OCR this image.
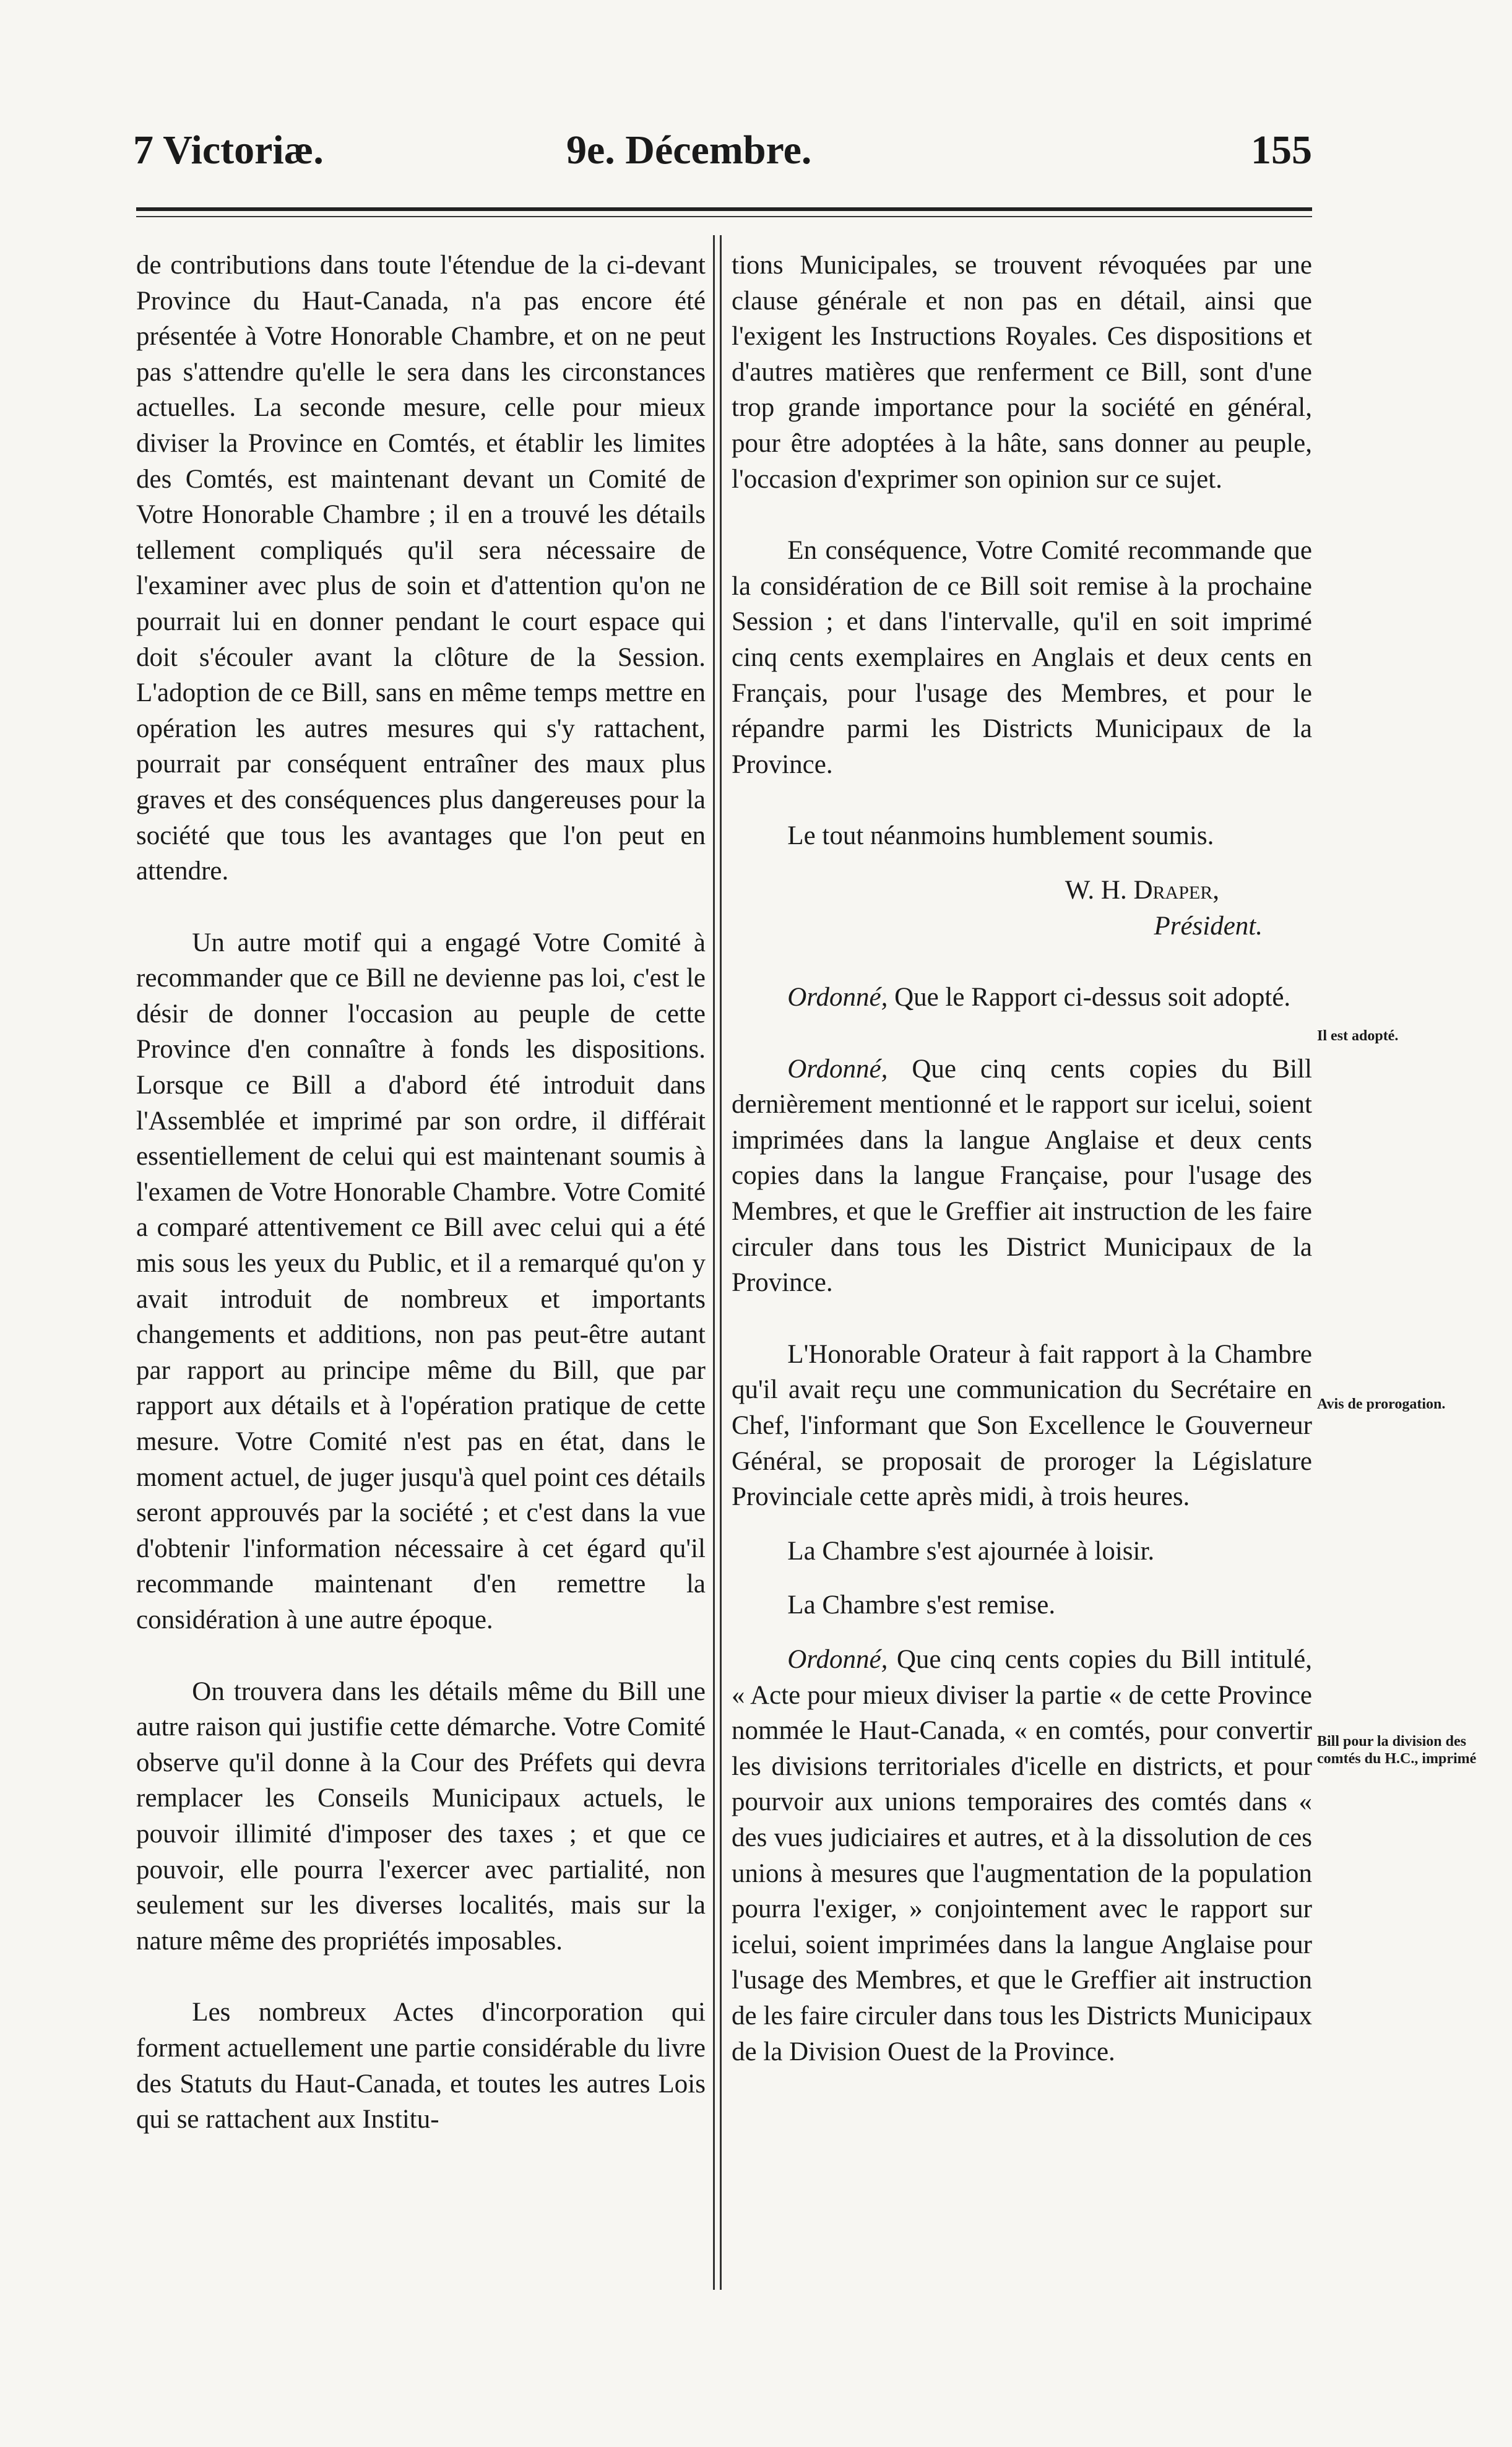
7 Victoriæ.	9e. Décembre.	155

de contributions dans toute l'étendue de la ci-devant Province du Haut-Canada, n'a pas encore été présentée à Votre Honorable Chambre, et on ne peut pas s'attendre qu'elle le sera dans les circonstances actuelles. La seconde mesure, celle pour mieux diviser la Province en Comtés, et établir les limites des Comtés, est maintenant devant un Comité de Votre Honorable Chambre ; il en a trouvé les détails tellement compliqués qu'il sera nécessaire de l'examiner avec plus de soin et d'attention qu'on ne pourrait lui en donner pendant le court espace qui doit s'écouler avant la clôture de la Session. L'adoption de ce Bill, sans en même temps mettre en opération les autres mesures qui s'y rattachent, pourrait par conséquent entraîner des maux plus graves et des conséquences plus dangereuses pour la société que tous les avantages que l'on peut en attendre.

Un autre motif qui a engagé Votre Comité à recommander que ce Bill ne devienne pas loi, c'est le désir de donner l'occasion au peuple de cette Province d'en connaître à fonds les dispositions. Lorsque ce Bill a d'abord été introduit dans l'Assemblée et imprimé par son ordre, il différait essentiellement de celui qui est maintenant soumis à l'examen de Votre Honorable Chambre. Votre Comité a comparé attentivement ce Bill avec celui qui a été mis sous les yeux du Public, et il a remarqué qu'on y avait introduit de nombreux et importants changements et additions, non pas peut-être autant par rapport au principe même du Bill, que par rapport aux détails et à l'opération pratique de cette mesure. Votre Comité n'est pas en état, dans le moment actuel, de juger jusqu'à quel point ces détails seront approuvés par la société ; et c'est dans la vue d'obtenir l'information nécessaire à cet égard qu'il recommande maintenant d'en remettre la considération à une autre époque.

On trouvera dans les détails même du Bill une autre raison qui justifie cette démarche. Votre Comité observe qu'il donne à la Cour des Préfets qui devra remplacer les Conseils Municipaux actuels, le pouvoir illimité d'imposer des taxes ; et que ce pouvoir, elle pourra l'exercer avec partialité, non seulement sur les diverses localités, mais sur la nature même des propriétés imposables.

Les nombreux Actes d'incorporation qui forment actuellement une partie considérable du livre des Statuts du Haut-Canada, et toutes les autres Lois qui se rattachent aux Institu-

tions Municipales, se trouvent révoquées par une clause générale et non pas en détail, ainsi que l'exigent les Instructions Royales. Ces dispositions et d'autres matières que renferment ce Bill, sont d'une trop grande importance pour la société en général, pour être adoptées à la hâte, sans donner au peuple, l'occasion d'exprimer son opinion sur ce sujet.

En conséquence, Votre Comité recommande que la considération de ce Bill soit remise à la prochaine Session ; et dans l'intervalle, qu'il en soit imprimé cinq cents exemplaires en Anglais et deux cents en Français, pour l'usage des Membres, et pour le répandre parmi les Districts Municipaux de la Province.

Le tout néanmoins humblement soumis.

W. H. Draper,

Président.

Ordonné, Que le Rapport ci-dessus soit adopté.

Ordonné, Que cinq cents copies du Bill dernièrement mentionné et le rapport sur icelui, soient imprimées dans la langue Anglaise et deux cents copies dans la langue Française, pour l'usage des Membres, et que le Greffier ait instruction de les faire circuler dans tous les District Municipaux de la Province.

L'Honorable Orateur à fait rapport à la Chambre qu'il avait reçu une communication du Secrétaire en Chef, l'informant que Son Excellence le Gouverneur Général, se proposait de proroger la Législature Provinciale cette après midi, à trois heures.

La Chambre s'est ajournée à loisir.

La Chambre s'est remise.

Ordonné, Que cinq cents copies du Bill intitulé, « Acte pour mieux diviser la partie « de cette Province nommée le Haut-Canada, « en comtés, pour convertir les divisions territoriales d'icelle en districts, et pour pourvoir aux unions temporaires des comtés dans « des vues judiciaires et autres, et à la dissolution de ces unions à mesures que l'augmentation de la population pourra l'exiger, » conjointement avec le rapport sur icelui, soient imprimées dans la langue Anglaise pour l'usage des Membres, et que le Greffier ait instruction de les faire circuler dans tous les Districts Municipaux de la Division Ouest de la Province.

Il est adopté.
Avis de prorogation.
Bill pour la division des comtés du H.C., imprimé
